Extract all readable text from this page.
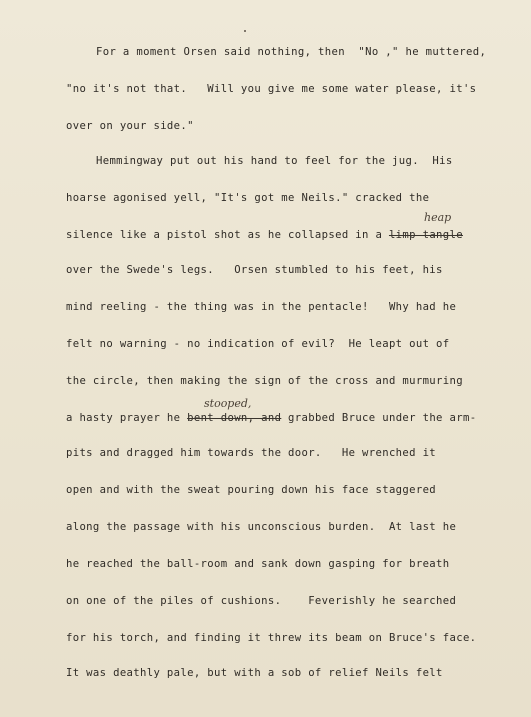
For a moment Orsen said nothing, then  "No ," he muttered,
"no it's not that.   Will you give me some water please, it's
over on your side."
Hemmingway put out his hand to feel for the jug.  His
hoarse agonised yell, "It's got me Neils." cracked the
silence like a pistol shot as he collapsed in a limp tangle
over the Swede's legs.   Orsen stumbled to his feet, his
mind reeling - the thing was in the pentacle!   Why had he
felt no warning - no indication of evil?  He leapt out of
the circle, then making the sign of the cross and murmuring
a hasty prayer he bent down, and grabbed Bruce under the arm-
pits and dragged him towards the door.   He wrenched it
open and with the sweat pouring down his face staggered
along the passage with his unconscious burden.  At last he
he reached the ball-room and sank down gasping for breath
on one of the piles of cushions.    Feverishly he searched
for his torch, and finding it threw its beam on Bruce's face.
It was deathly pale, but with a sob of relief Neils felt
heap
stooped,
